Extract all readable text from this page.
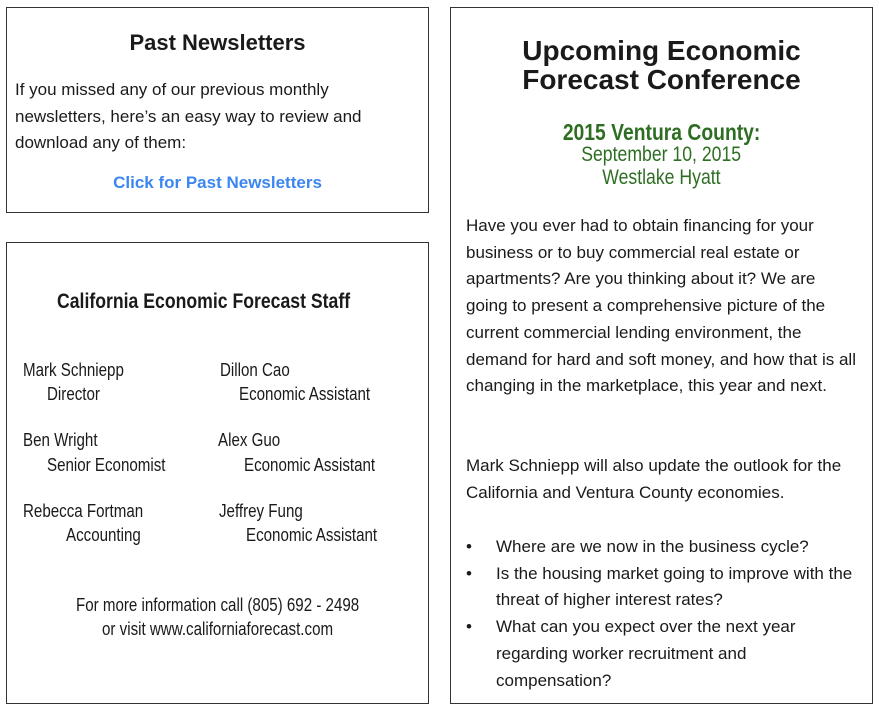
Past Newsletters
If you missed any of our previous monthly newsletters, here’s an easy way to review and download any of them:
Click for Past Newsletters
California Economic Forecast Staff
Mark Schniepp
Director
Dillon Cao
Economic Assistant
Ben Wright
Senior Economist
Alex Guo
Economic Assistant
Rebecca Fortman
Accounting
Jeffrey Fung
Economic Assistant
For more information call (805) 692 - 2498
or visit www.californiaforecast.com
Upcoming Economic
Forecast Conference
2015 Ventura County:
September 10, 2015
Westlake Hyatt
Have you ever had to obtain financing for your business or to buy commercial real estate or apartments? Are you thinking about it? We are going to present a comprehensive picture of the current commercial lending environment, the demand for hard and soft money, and how that is all changing in the marketplace, this year and next.
Mark Schniepp will also update the outlook for the California and Ventura County economies.
• Where are we now in the business cycle?
• Is the housing market going to improve with the threat of higher interest rates?
• What can you expect over the next year regarding worker recruitment and compensation?
